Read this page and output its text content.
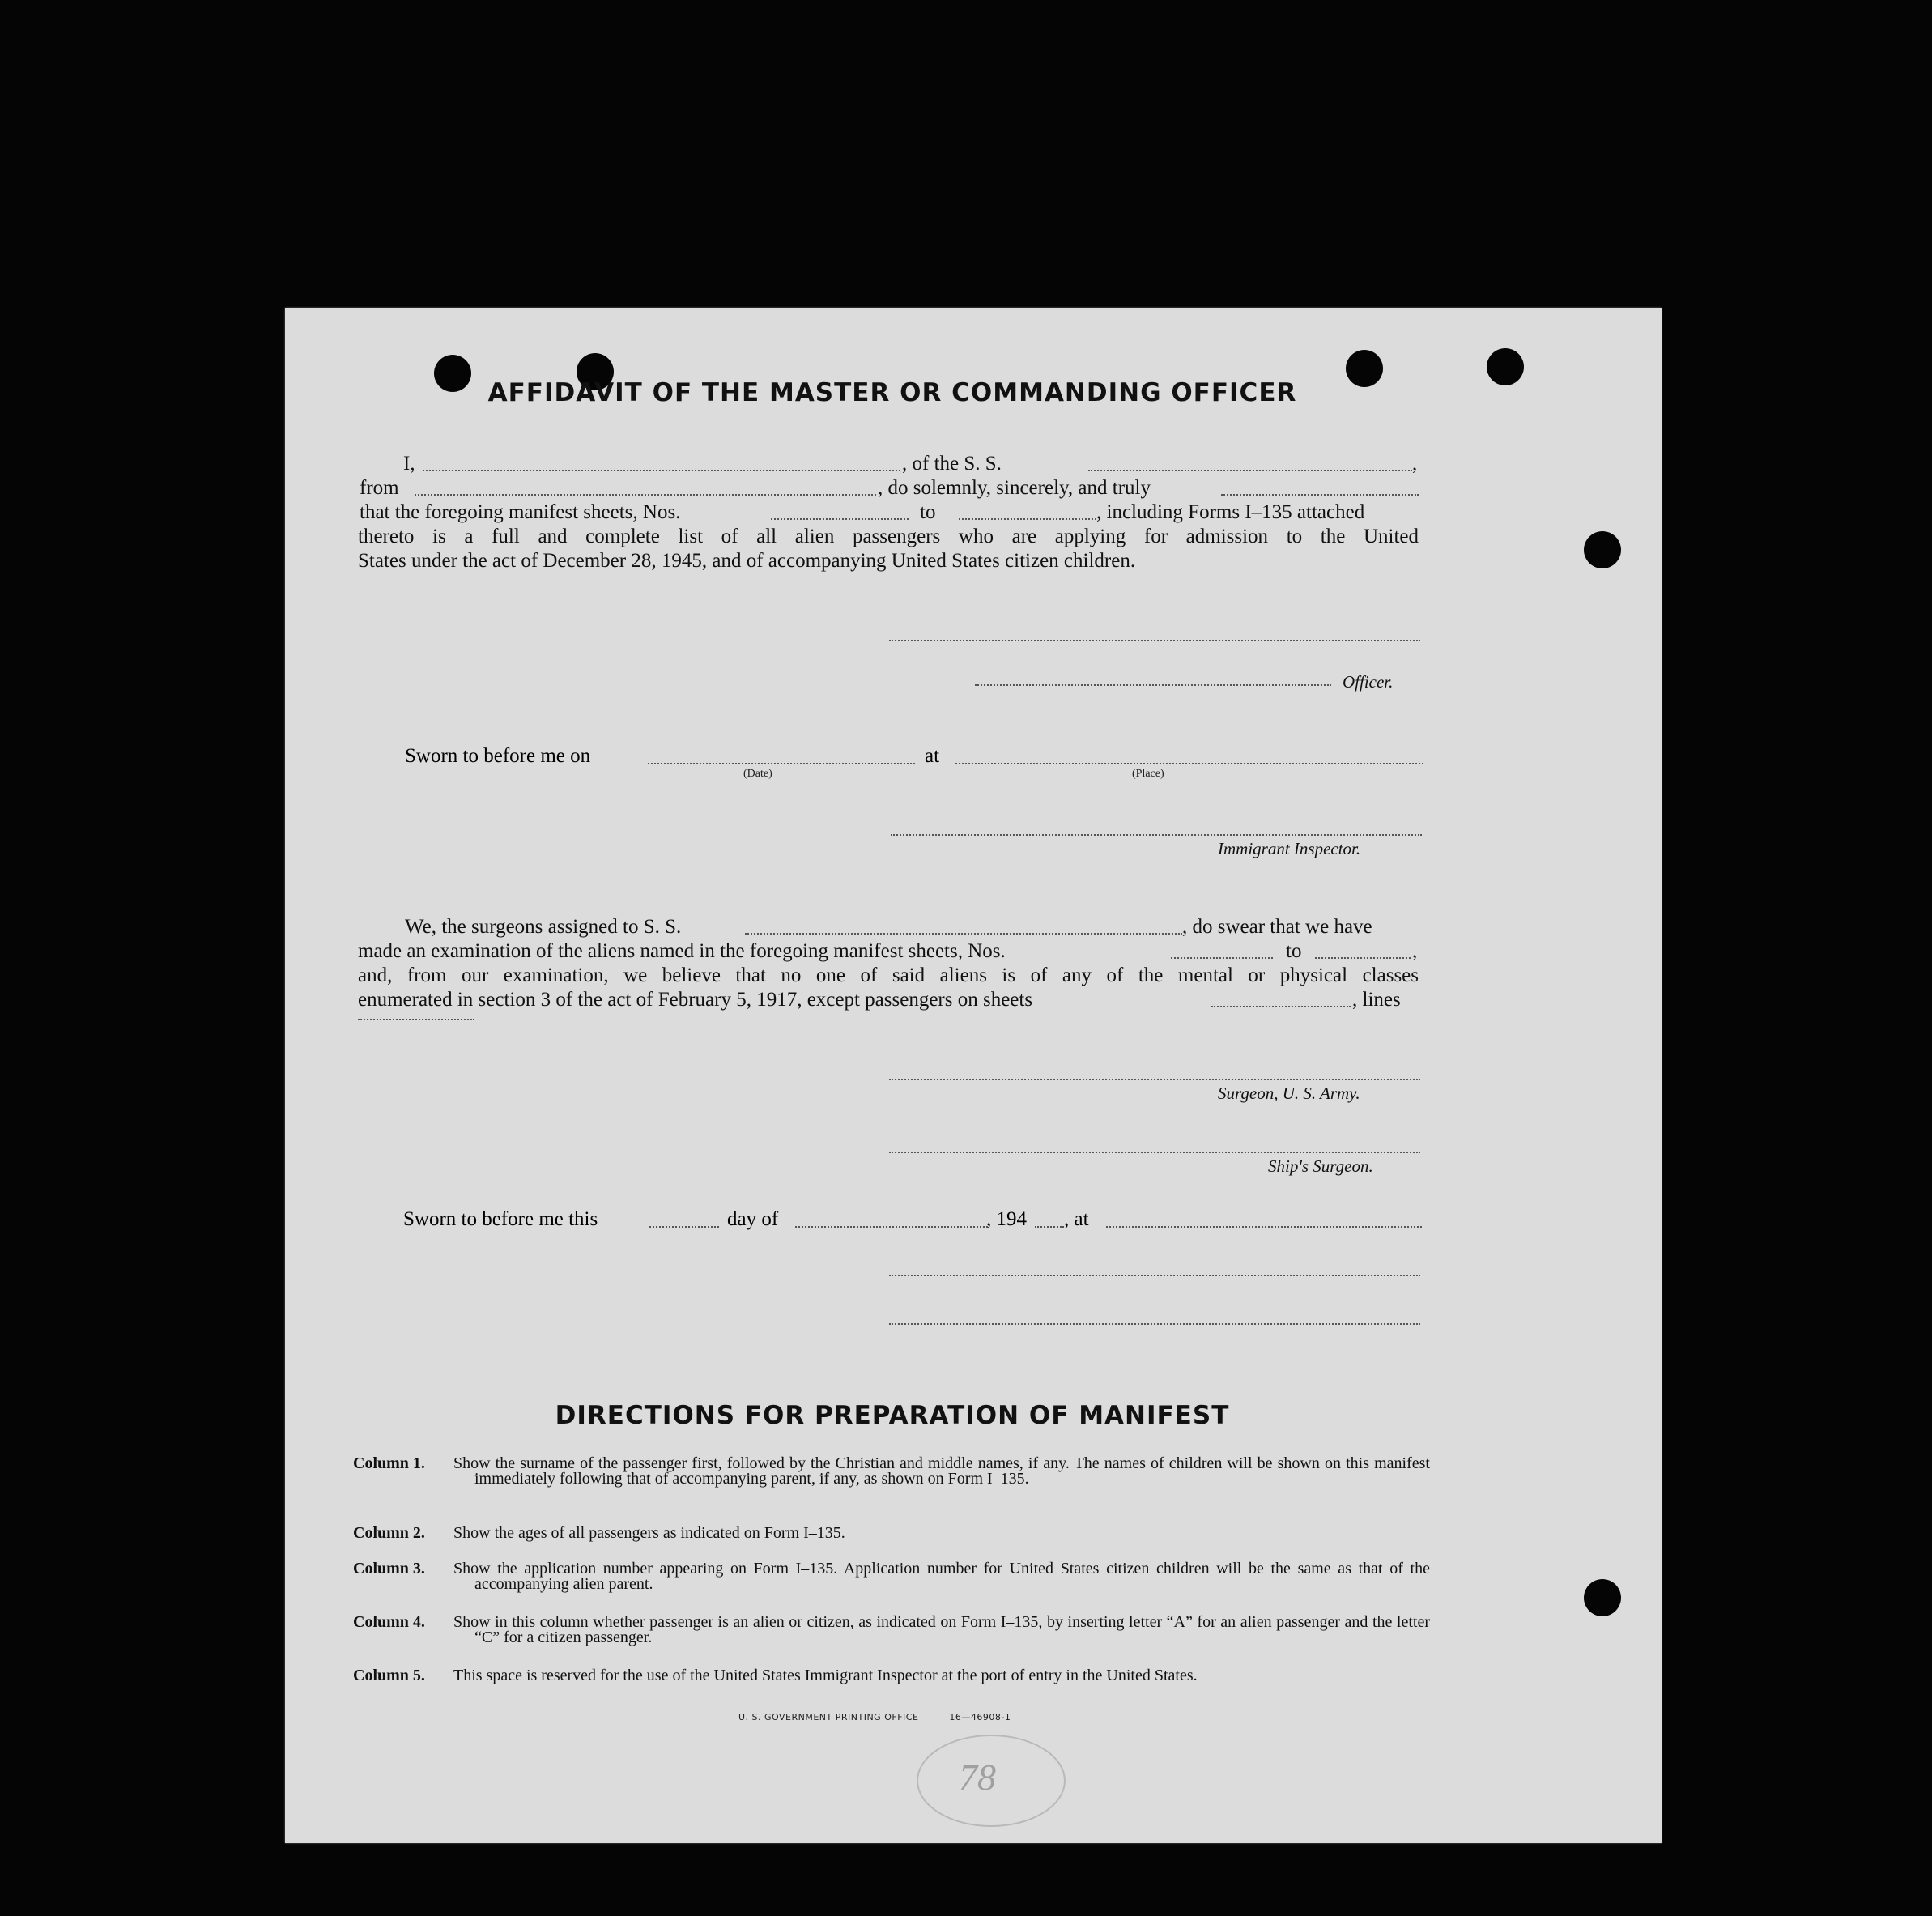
AFFIDAVIT OF THE MASTER OR COMMANDING OFFICER
I,	, of the S. S.	,
from	, do solemnly, sincerely, and truly
that the foregoing manifest sheets, Nos.	to	, including Forms I–135 attached
thereto is a full and complete list of all alien passengers who are applying for admission to the United
States under the act of December 28, 1945, and of accompanying United States citizen children.
Officer.
Sworn to before me on
(Date)
at
(Place)
Immigrant Inspector.
We, the surgeons assigned to S. S.	, do swear that we have
made an examination of the aliens named in the foregoing manifest sheets, Nos.	to	,
and, from our examination, we believe that no one of said aliens is of any of the mental or physical classes
enumerated in section 3 of the act of February 5, 1917, except passengers on sheets	, lines
Surgeon, U. S. Army.
Ship's Surgeon.
Sworn to before me this	day of	, 194 , at
DIRECTIONS FOR PREPARATION OF MANIFEST
Column 1. Show the surname of the passenger first, followed by the Christian and middle names, if any. The names of children will be shown on this manifest immediately following that of accompanying parent, if any, as shown on Form I–135.
Column 2. Show the ages of all passengers as indicated on Form I–135.
Column 3. Show the application number appearing on Form I–135. Application number for United States citizen children will be the same as that of the accompanying alien parent.
Column 4. Show in this column whether passenger is an alien or citizen, as indicated on Form I–135, by inserting letter “A” for an alien passenger and the letter “C” for a citizen passenger.
Column 5. This space is reserved for the use of the United States Immigrant Inspector at the port of entry in the United States.
U. S. GOVERNMENT PRINTING OFFICE	16—46908-1
78
